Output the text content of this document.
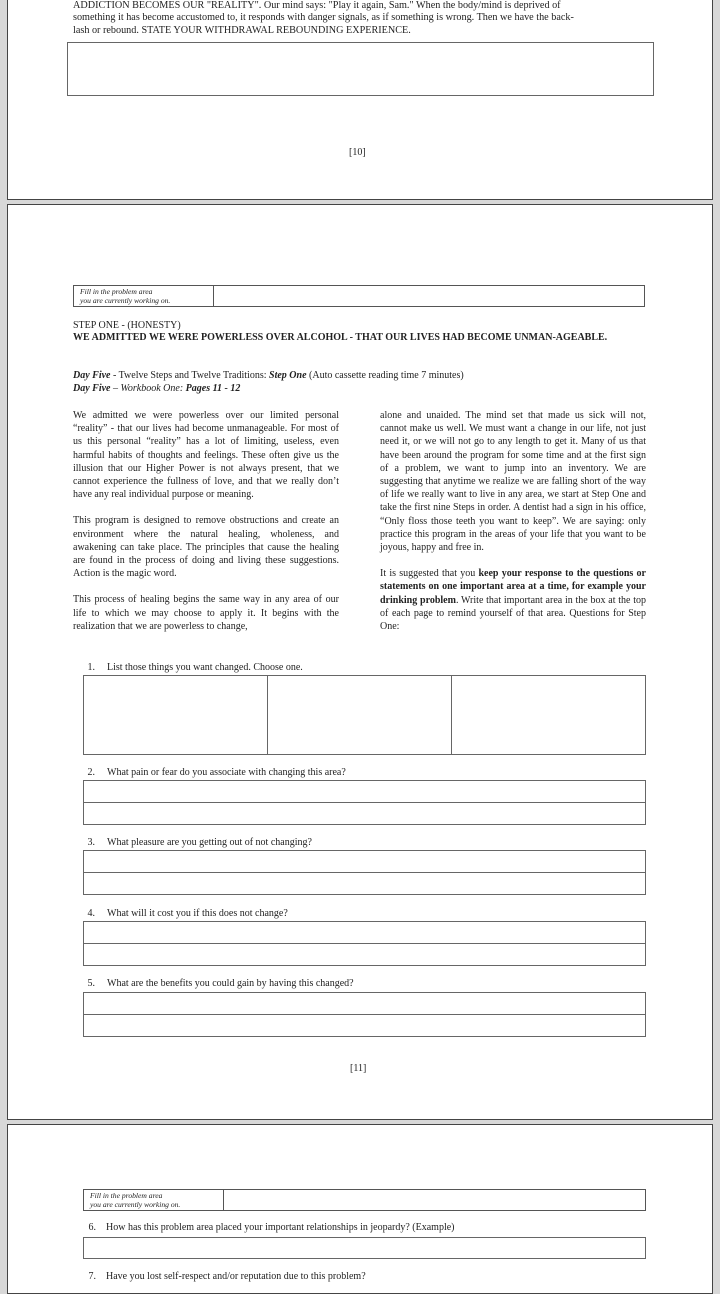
ADDICTION BECOMES OUR "REALITY". Our mind says: "Play it again, Sam." When the body/mind is deprived of
something it has become accustomed to, it responds with danger signals, as if something is wrong. Then we have the back-
lash or rebound. STATE YOUR WITHDRAWAL REBOUNDING EXPERIENCE.
[10]
Fill in the problem area
you are currently working on.
STEP ONE - (HONESTY)
WE ADMITTED WE WERE POWERLESS OVER ALCOHOL - THAT OUR LIVES HAD BECOME UNMAN-AGEABLE.
Day Five - Twelve Steps and Twelve Traditions: Step One (Auto cassette reading time 7 minutes)
Day Five – Workbook One: Pages 11 - 12

We admitted we were powerless over our limited personal “reality” - that our lives had become unmanageable. For most of us this personal “reality” has a lot of limiting, useless, even harmful habits of thoughts and feelings. These often give us the illusion that our Higher Power is not always present, that we cannot experience the fullness of love, and that we really don’t have any real individual purpose or meaning.

This program is designed to remove obstructions and create an environment where the natural healing, wholeness, and awakening can take place. The principles that cause the healing are found in the process of doing and living these suggestions. Action is the magic word.

This process of healing begins the same way in any area of our life to which we may choose to apply it. It begins with the realization that we are powerless to change,

alone and unaided. The mind set that made us sick will not, cannot make us well. We must want a change in our life, not just need it, or we will not go to any length to get it. Many of us that have been around the program for some time and at the first sign of a problem, we want to jump into an inventory. We are suggesting that anytime we realize we are falling short of the way of life we really want to live in any area, we start at Step One and take the first nine Steps in order. A dentist had a sign in his office, “Only floss those teeth you want to keep”. We are saying: only practice this program in the areas of your life that you want to be joyous, happy and free in.

It is suggested that you keep your response to the questions or statements on one important area at a time, for example your drinking problem. Write that important area in the box at the top of each page to remind yourself of that area. Questions for Step One:

1. List those things you want changed. Choose one.
2. What pain or fear do you associate with changing this area?
3. What pleasure are you getting out of not changing?
4. What will it cost you if this does not change?
5. What are the benefits you could gain by having this changed?
[11]
Fill in the problem area
you are currently working on.
6. How has this problem area placed your important relationships in jeopardy? (Example)
7. Have you lost self-respect and/or reputation due to this problem?
